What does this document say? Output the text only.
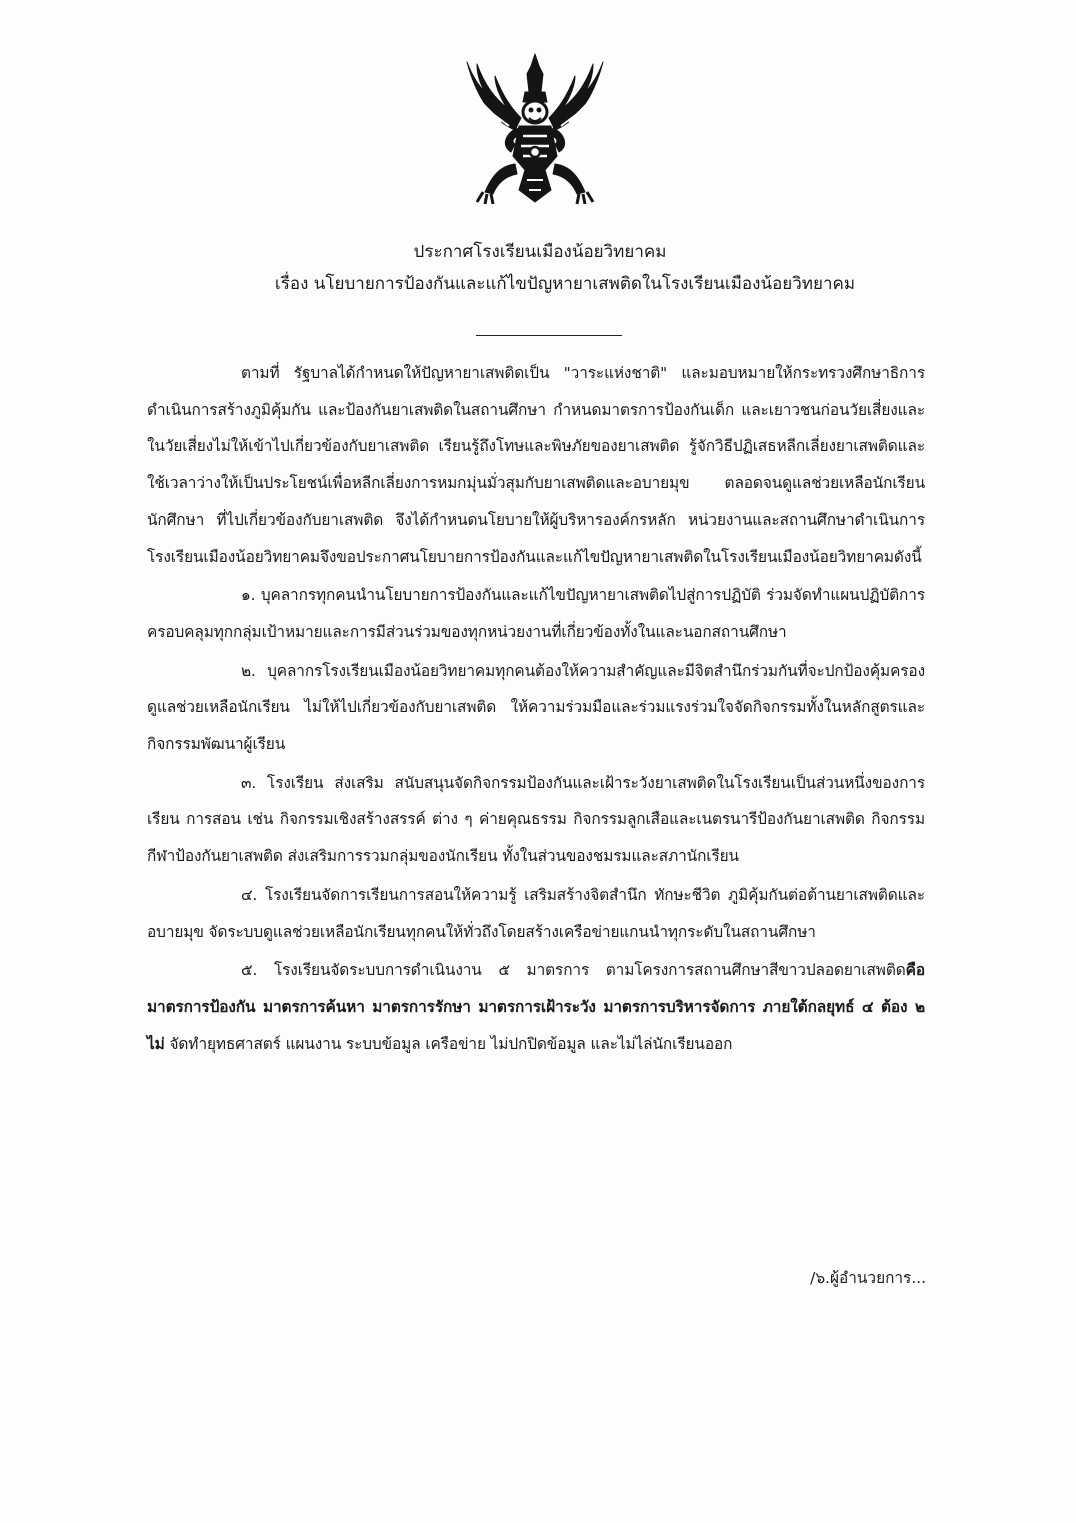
ประกาศโรงเรียนเมืองน้อยวิทยาคม

เรื่อง นโยบายการป้องกันและแก้ไขปัญหายาเสพติดในโรงเรียนเมืองน้อยวิทยาคม

ตามที่ รัฐบาลได้กำหนดให้ปัญหายาเสพติดเป็น "วาระแห่งชาติ" และมอบหมายให้กระทรวงศึกษาธิการดำเนินการสร้างภูมิคุ้มกัน และป้องกันยาเสพติดในสถานศึกษา กำหนดมาตรการป้องกันเด็ก และเยาวชนก่อนวัยเสี่ยงและในวัยเสี่ยงไม่ให้เข้าไปเกี่ยวข้องกับยาเสพติด เรียนรู้ถึงโทษและพิษภัยของยาเสพติด รู้จักวิธีปฏิเสธหลีกเลี่ยงยาเสพติดและใช้เวลาว่างให้เป็นประโยชน์เพื่อหลีกเลี่ยงการหมกมุ่นมั่วสุมกับยาเสพติดและอบายมุข ตลอดจนดูแลช่วยเหลือนักเรียน นักศึกษา ที่ไปเกี่ยวข้องกับยาเสพติด จึงได้กำหนดนโยบายให้ผู้บริหารองค์กรหลัก หน่วยงานและสถานศึกษาดำเนินการ โรงเรียนเมืองน้อยวิทยาคมจึงขอประกาศนโยบายการป้องกันและแก้ไขปัญหายาเสพติดในโรงเรียนเมืองน้อยวิทยาคมดังนี้

๑. บุคลากรทุกคนนำนโยบายการป้องกันและแก้ไขปัญหายาเสพติดไปสู่การปฏิบัติ ร่วมจัดทำแผนปฏิบัติการครอบคลุมทุกกลุ่มเป้าหมายและการมีส่วนร่วมของทุกหน่วยงานที่เกี่ยวข้องทั้งในและนอกสถานศึกษา

๒. บุคลากรโรงเรียนเมืองน้อยวิทยาคมทุกคนต้องให้ความสำคัญและมีจิตสำนึกร่วมกันที่จะปกป้องคุ้มครองดูแลช่วยเหลือนักเรียน ไม่ให้ไปเกี่ยวข้องกับยาเสพติด ให้ความร่วมมือและร่วมแรงร่วมใจจัดกิจกรรมทั้งในหลักสูตรและกิจกรรมพัฒนาผู้เรียน

๓. โรงเรียน ส่งเสริม สนับสนุนจัดกิจกรรมป้องกันและเฝ้าระวังยาเสพติดในโรงเรียนเป็นส่วนหนึ่งของการเรียน การสอน เช่น กิจกรรมเชิงสร้างสรรค์ ต่าง ๆ ค่ายคุณธรรม กิจกรรมลูกเสือและเนตรนารีป้องกันยาเสพติด กิจกรรมกีฬาป้องกันยาเสพติด ส่งเสริมการรวมกลุ่มของนักเรียน ทั้งในส่วนของชมรมและสภานักเรียน

๔. โรงเรียนจัดการเรียนการสอนให้ความรู้ เสริมสร้างจิตสำนึก ทักษะชีวิต ภูมิคุ้มกันต่อต้านยาเสพติดและอบายมุข จัดระบบดูแลช่วยเหลือนักเรียนทุกคนให้ทั่วถึงโดยสร้างเครือข่ายแกนนำทุกระดับในสถานศึกษา

๕. โรงเรียนจัดระบบการดำเนินงาน ๕ มาตรการ ตามโครงการสถานศึกษาสีขาวปลอดยาเสพติดคือมาตรการป้องกัน มาตรการค้นหา มาตรการรักษา มาตรการเฝ้าระวัง มาตรการบริหารจัดการ ภายใต้กลยุทธ์ ๔ ต้อง ๒ ไม่ จัดทำยุทธศาสตร์ แผนงาน ระบบข้อมูล เครือข่าย ไม่ปกปิดข้อมูล และไม่ไล่นักเรียนออก

/๖.ผู้อำนวยการ...
